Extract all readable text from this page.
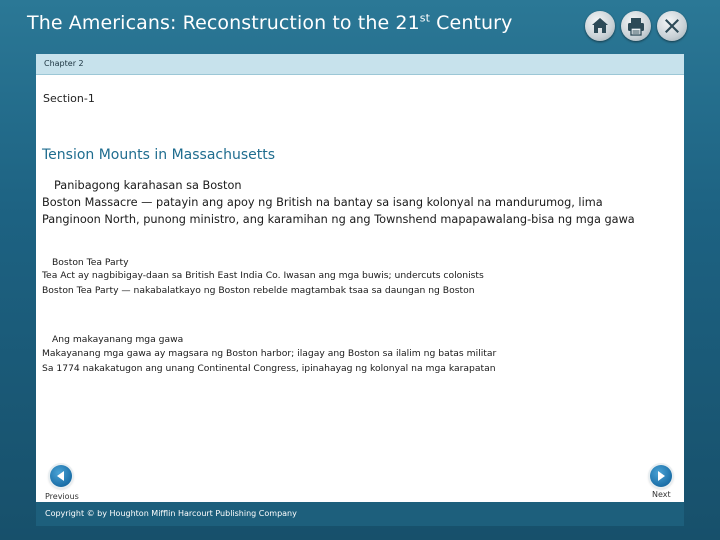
The Americans: Reconstruction to the 21st Century
Chapter 2
Section-1
Tension Mounts in Massachusetts
Panibagong karahasan sa Boston
Boston Massacre — patayin ang apoy ng British na bantay sa isang kolonyal na mandurumog, lima
Panginoon North, punong ministro, ang karamihan ng ang Townshend mapapawalang-bisa ng mga gawa
Boston Tea Party
Tea Act ay nagbibigay-daan sa British East India Co. Iwasan ang mga buwis; undercuts colonists
Boston Tea Party — nakabalatkayo ng Boston rebelde magtambak tsaa sa daungan ng Boston
Ang makayanang mga gawa
Makayanang mga gawa ay magsara ng Boston harbor; ilagay ang Boston sa ilalim ng batas militar
Sa 1774 nakakatugon ang unang Continental Congress, ipinahayag ng kolonyal na mga karapatan
Previous	Next
Copyright © by Houghton Mifflin Harcourt Publishing Company
